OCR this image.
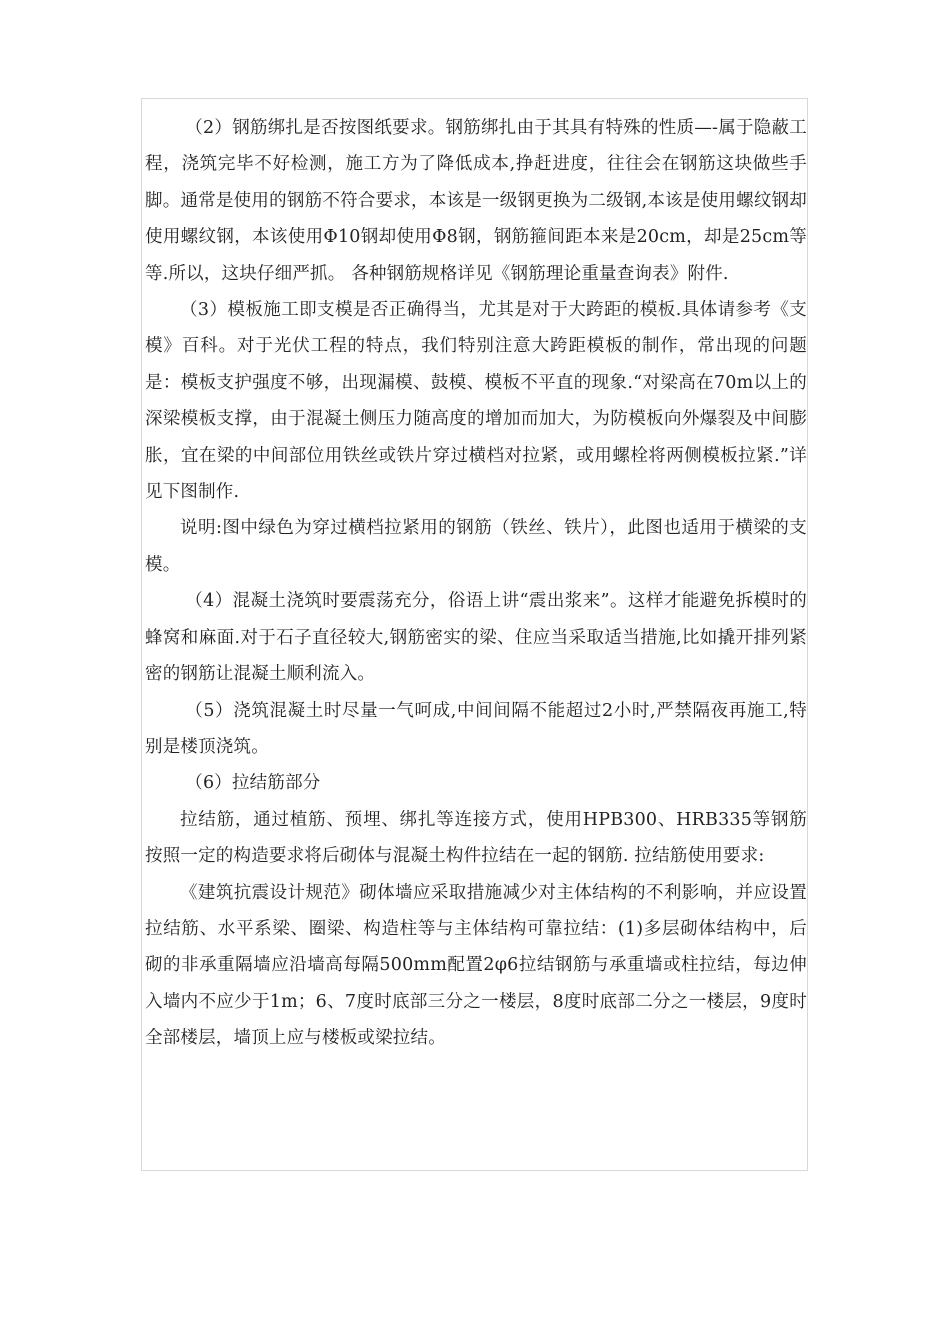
（2）钢筋绑扎是否按图纸要求。钢筋绑扎由于其具有特殊的性质—-属于隐蔽工程，浇筑完毕不好检测，施工方为了降低成本,挣赶进度，往往会在钢筋这块做些手脚。通常是使用的钢筋不符合要求，本该是一级钢更换为二级钢,本该是使用螺纹钢却使用螺纹钢，本该使用Φ10钢却使用Φ8钢，钢筋箍间距本来是20cm，却是25cm等等.所以，这块仔细严抓。 各种钢筋规格详见《钢筋理论重量查询表》附件.

（3）模板施工即支模是否正确得当，尤其是对于大跨距的模板.具体请参考《支模》百科。对于光伏工程的特点，我们特别注意大跨距模板的制作，常出现的问题是：模板支护强度不够，出现漏模、鼓模、模板不平直的现象.“对梁高在70m以上的深梁模板支撑，由于混凝土侧压力随高度的增加而加大，为防模板向外爆裂及中间膨胀，宜在梁的中间部位用铁丝或铁片穿过横档对拉紧，或用螺栓将两侧模板拉紧.”详见下图制作.

说明:图中绿色为穿过横档拉紧用的钢筋（铁丝、铁片），此图也适用于横梁的支模。

（4）混凝土浇筑时要震荡充分，俗语上讲“震出浆来”。这样才能避免拆模时的蜂窝和麻面.对于石子直径较大,钢筋密实的梁、住应当采取适当措施,比如撬开排列紧密的钢筋让混凝土顺利流入。

（5）浇筑混凝土时尽量一气呵成,中间间隔不能超过2小时,严禁隔夜再施工,特别是楼顶浇筑。

（6）拉结筋部分

拉结筋，通过植筋、预埋、绑扎等连接方式，使用HPB300、HRB335等钢筋按照一定的构造要求将后砌体与混凝土构件拉结在一起的钢筋. 拉结筋使用要求:

《建筑抗震设计规范》砌体墙应采取措施减少对主体结构的不利影响，并应设置拉结筋、水平系梁、圈梁、构造柱等与主体结构可靠拉结：(1)多层砌体结构中，后砌的非承重隔墙应沿墙高每隔500mm配置2φ6拉结钢筋与承重墙或柱拉结，每边伸入墙内不应少于1m；6、7度时底部三分之一楼层，8度时底部二分之一楼层，9度时全部楼层，墙顶上应与楼板或梁拉结。
